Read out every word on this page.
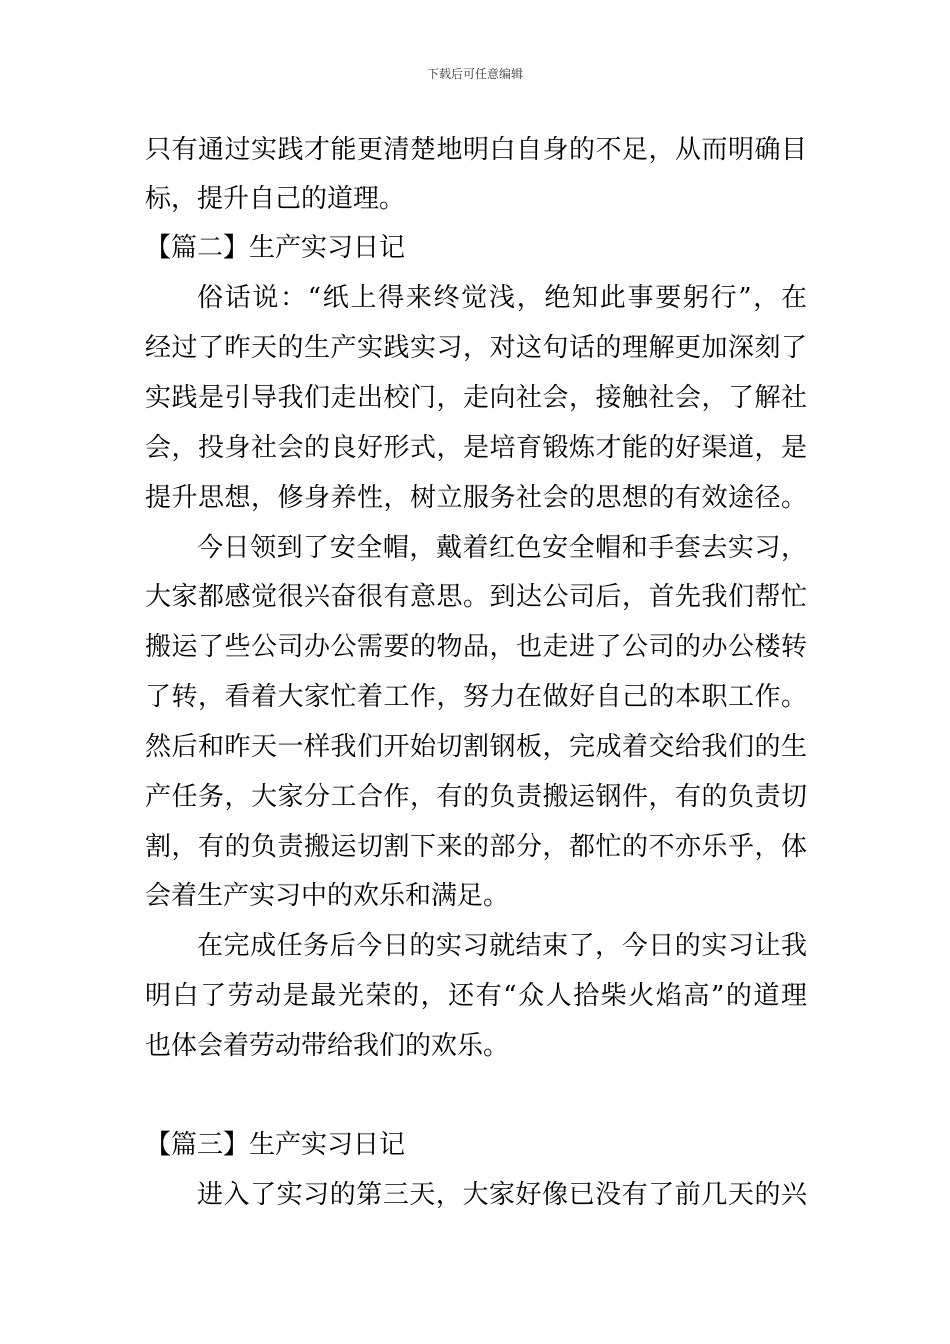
下载后可任意编辑
只有通过实践才能更清楚地明白自身的不足，从而明确目
标，提升自己的道理。
【篇二】生产实习日记
俗话说：“纸上得来终觉浅，绝知此事要躬行”，在
经过了昨天的生产实践实习，对这句话的理解更加深刻了
实践是引导我们走出校门，走向社会，接触社会，了解社
会，投身社会的良好形式，是培育锻炼才能的好渠道，是
提升思想，修身养性，树立服务社会的思想的有效途径。
今日领到了安全帽，戴着红色安全帽和手套去实习，
大家都感觉很兴奋很有意思。到达公司后，首先我们帮忙
搬运了些公司办公需要的物品，也走进了公司的办公楼转
了转，看着大家忙着工作，努力在做好自己的本职工作。
然后和昨天一样我们开始切割钢板，完成着交给我们的生
产任务，大家分工合作，有的负责搬运钢件，有的负责切
割，有的负责搬运切割下来的部分，都忙的不亦乐乎，体
会着生产实习中的欢乐和满足。
在完成任务后今日的实习就结束了，今日的实习让我
明白了劳动是最光荣的，还有“众人拾柴火焰高”的道理
也体会着劳动带给我们的欢乐。
【篇三】生产实习日记
进入了实习的第三天，大家好像已没有了前几天的兴
